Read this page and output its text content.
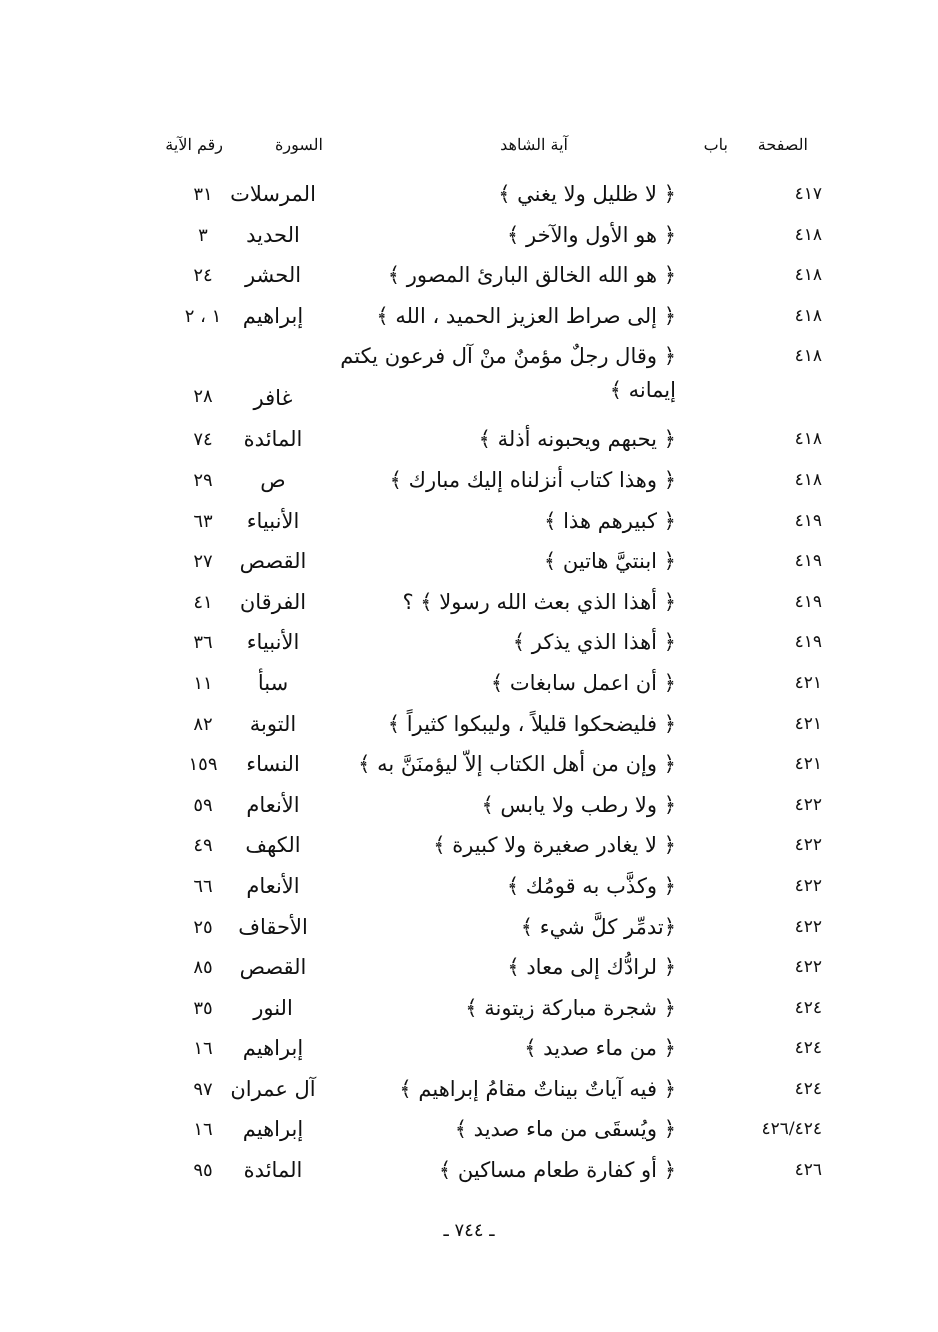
الصفحة
باب
آية الشاهد
السورة
رقم الآية
٤١٧
﴿ لا ظليل ولا يغني ﴾
المرسلات
٣١
٤١٨
﴿ هو الأول والآخر ﴾
الحديد
٣
٤١٨
﴿ هو الله الخالق البارئ المصور ﴾
الحشر
٢٤
٤١٨
﴿ إلى صراط العزيز الحميد ، الله ﴾
إبراهيم
١ ، ٢
٤١٨
﴿ وقال رجلٌ مؤمنٌ منْ آل فرعون يكتم
إيمانه ﴾
غافر
٢٨
٤١٨
﴿ يحبهم ويحبونه أذلة ﴾
المائدة
٧٤
٤١٨
﴿ وهذا كتاب أنزلناه إليك مبارك ﴾
ص
٢٩
٤١٩
﴿ كبيرهم هذا ﴾
الأنبياء
٦٣
٤١٩
﴿ ابنتيَّ هاتين ﴾
القصص
٢٧
٤١٩
﴿ أهذا الذي بعث الله رسولا ﴾ ؟
الفرقان
٤١
٤١٩
﴿ أهذا الذي يذكر ﴾
الأنبياء
٣٦
٤٢١
﴿ أن اعمل سابغات ﴾
سبأ
١١
٤٢١
﴿ فليضحكوا قليلاً ، وليبكوا كثيراً ﴾
التوبة
٨٢
٤٢١
﴿ وإن من أهل الكتاب إلاّ ليؤمنَنَّ به ﴾
النساء
١٥٩
٤٢٢
﴿ ولا رطب ولا يابس ﴾
الأنعام
٥٩
٤٢٢
﴿ لا يغادر صغيرة ولا كبيرة ﴾
الكهف
٤٩
٤٢٢
﴿ وكذَّب به قومُك ﴾
الأنعام
٦٦
٤٢٢
﴿تدمِّر كلَّ شيء ﴾
الأحقاف
٢٥
٤٢٢
﴿ لرادُّك إلى معاد ﴾
القصص
٨٥
٤٢٤
﴿ شجرة مباركة زيتونة ﴾
النور
٣٥
٤٢٤
﴿ من ماء صديد ﴾
إبراهيم
١٦
٤٢٤
﴿ فيه آياتٌ بيناتٌ مقامُ إبراهيم ﴾
آل عمران
٩٧
٤٢٦/٤٢٤
﴿ ويُسقَى من ماء صديد ﴾
إبراهيم
١٦
٤٢٦
﴿ أو كفارة طعام مساكين ﴾
المائدة
٩٥
ـ ٧٤٤ ـ
